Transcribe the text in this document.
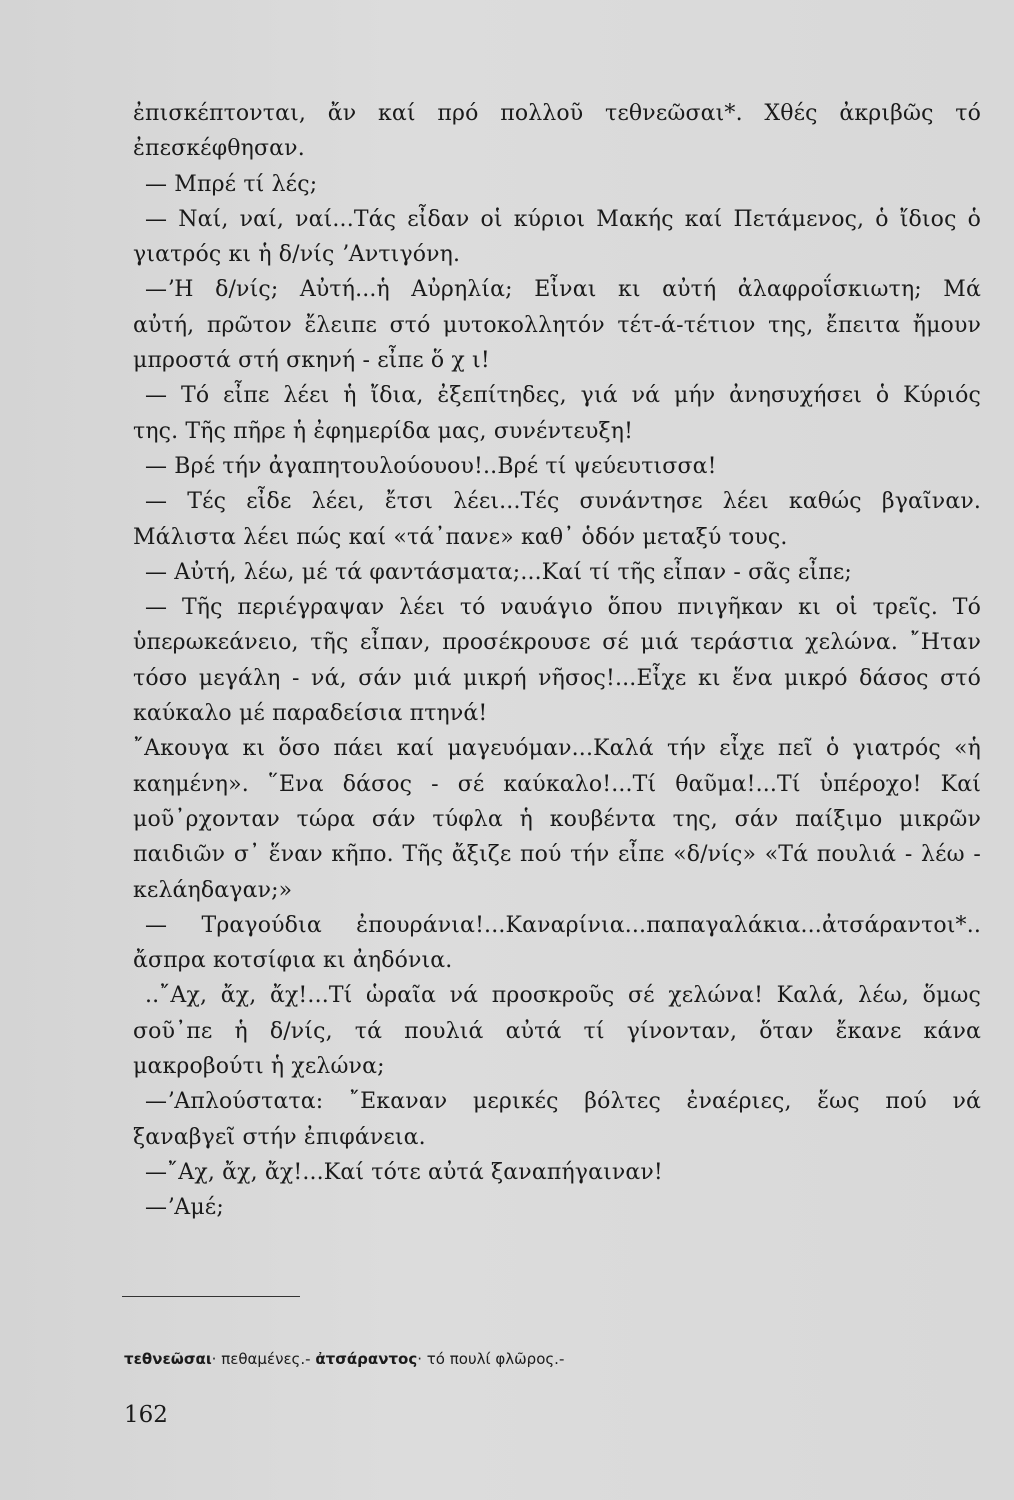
ἐπισκέπτονται, ἄν καί πρό πολλοῦ τεθνεῶσαι*. Χθές ἀκριβῶς τό
ἐπεσκέφθησαν.
— Μπρέ τί λές;
— Ναί, ναί, ναί...Τάς εἶδαν οἱ κύριοι Μακής καί Πετάμενος, ὁ ἴδιος ὁ
γιατρός κι ἡ δ/νίς ʼΑντιγόνη.
—ʼΗ δ/νίς; Αὐτή...ἡ Αὐρηλία; Εἶναι κι αὐτή ἀλαφροΐσκιωτη; Μά
αὐτή, πρῶτον ἔλειπε στό μυτοκολλητόν τέτ-ά-τέτιον της, ἔπειτα ἤμουν
μπροστά στή σκηνή - εἶπε ὅ χ ι!
— Τό εἶπε λέει ἡ ἴδια, ἐξεπίτηδες, γιά νά μήν ἀνησυχήσει ὁ Κύριός
της. Τῆς πῆρε ἡ ἐφημερίδα μας, συνέντευξη!
— Βρέ τήν ἀγαπητουλούουου!..Βρέ τί ψεύευτισσα!
— Τές εἶδε λέει, ἔτσι λέει...Τές συνάντησε λέει καθώς βγαῖναν.
Μάλιστα λέει πώς καί «τά᾽πανε» καθ᾽ ὁδόν μεταξύ τους.
— Αὐτή, λέω, μέ τά φαντάσματα;...Καί τί τῆς εἶπαν - σᾶς εἶπε;
— Τῆς περιέγραψαν λέει τό ναυάγιο ὅπου πνιγῆκαν κι οἱ τρεῖς. Τό
ὑπερωκεάνειο, τῆς εἶπαν, προσέκρουσε σέ μιά τεράστια χελώνα. ῎Ηταν
τόσο μεγάλη - νά, σάν μιά μικρή νῆσος!...Εἶχε κι ἕνα μικρό δάσος στό
καύκαλο μέ παραδείσια πτηνά!
῎Ακουγα κι ὅσο πάει καί μαγευόμαν...Καλά τήν εἶχε πεῖ ὁ γιατρός «ἡ
καημένη». ῞Ενα δάσος - σέ καύκαλο!...Τί θαῦμα!...Τί ὑπέροχο! Καί
μοῦ᾽ρχονταν τώρα σάν τύφλα ἡ κουβέντα της, σάν παίξιμο μικρῶν
παιδιῶν σ᾽ ἕναν κῆπο. Τῆς ἄξιζε πού τήν εἶπε «δ/νίς» «Τά πουλιά - λέω -
κελάηδαγαν;»
— Τραγούδια ἐπουράνια!...Καναρίνια...παπαγαλάκια...ἀτσάραντοι*..
ἄσπρα κοτσίφια κι ἀηδόνια.
..῎Αχ, ἄχ, ἄχ!...Τί ὡραῖα νά προσκροῦς σέ χελώνα! Καλά, λέω, ὅμως
σοῦ᾽πε ἡ δ/νίς, τά πουλιά αὐτά τί γίνονταν, ὅταν ἔκανε κάνα
μακροβούτι ἡ χελώνα;
—ʼΑπλούστατα: ῎Εκαναν μερικές βόλτες ἐναέριες, ἕως πού νά
ξαναβγεῖ στήν ἐπιφάνεια.
—῎Αχ, ἄχ, ἄχ!...Καί τότε αὐτά ξαναπήγαιναν!
—ʼΑμέ;
τεθνεῶσαι· πεθαμένες.- ἀτσάραντος· τό πουλί φλῶρος.-
162
